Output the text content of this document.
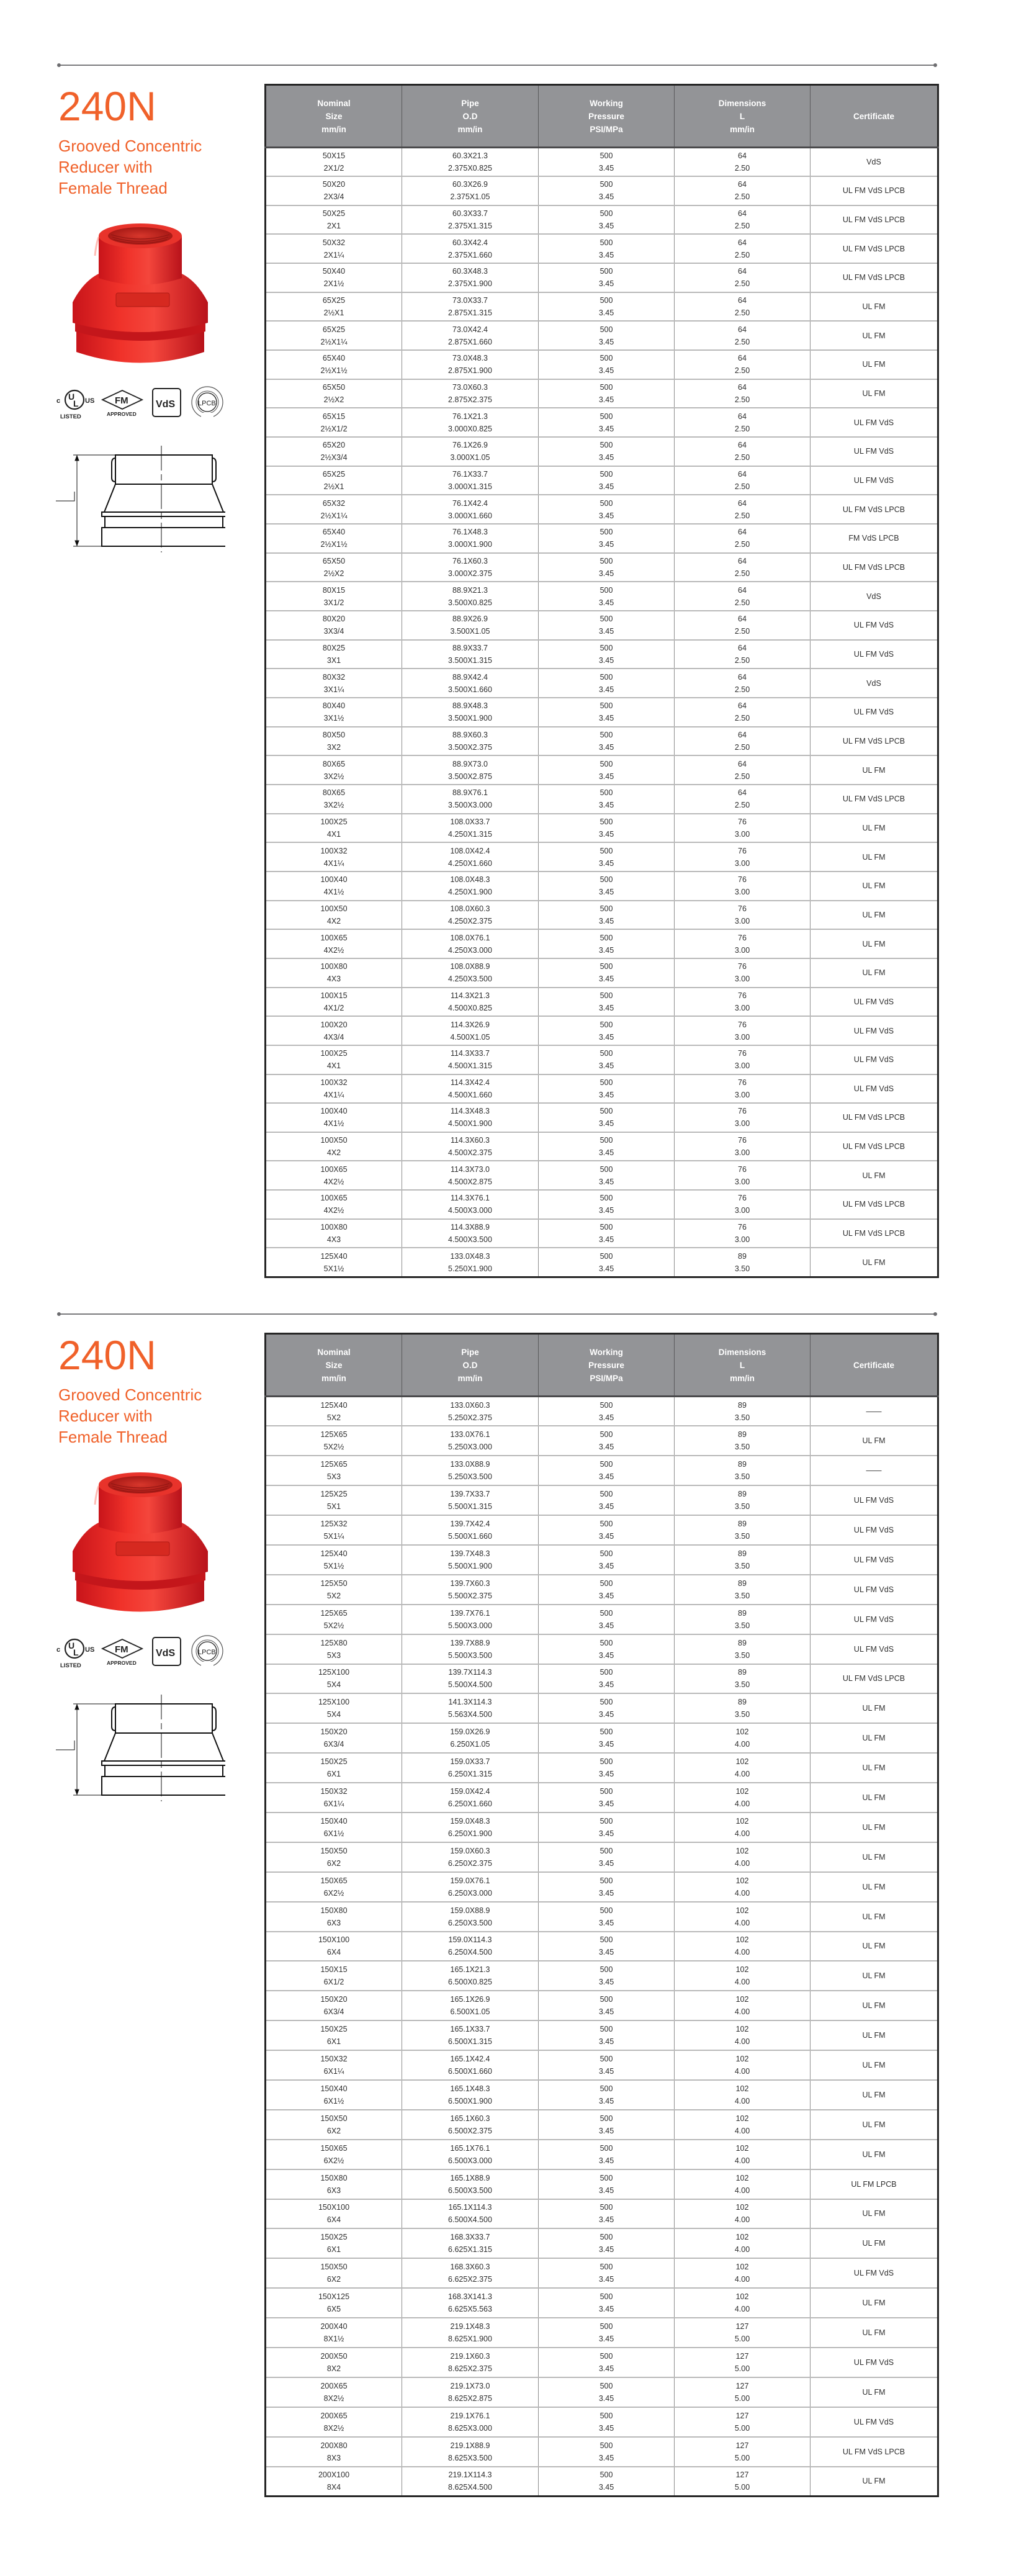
240N
Grooved Concentric
Reducer with
Female Thread
c U
L US
LISTED
FM
APPROVED
VdS	LPCB
L
Nominal
Size
mm/in	Pipe
O.D
mm/in	Working
Pressure
PSI/MPa	Dimensions
L
mm/in	Certificate

50X15
2X1/2	60.3X21.3
2.375X0.825	500
3.45	64
2.50	VdS

50X20
2X3/4	60.3X26.9
2.375X1.05	500
3.45	64
2.50	UL FM VdS LPCB

50X25
2X1	60.3X33.7
2.375X1.315	500
3.45	64
2.50	UL FM VdS LPCB

50X32
2X1¼	60.3X42.4
2.375X1.660	500
3.45	64
2.50	UL FM VdS LPCB

50X40
2X1½	60.3X48.3
2.375X1.900	500
3.45	64
2.50	UL FM VdS LPCB

65X25
2½X1	73.0X33.7
2.875X1.315	500
3.45	64
2.50	UL FM

65X25
2½X1¼	73.0X42.4
2.875X1.660	500
3.45	64
2.50	UL FM

65X40
2½X1½	73.0X48.3
2.875X1.900	500
3.45	64
2.50	UL FM

65X50
2½X2	73.0X60.3
2.875X2.375	500
3.45	64
2.50	UL FM

65X15
2½X1/2	76.1X21.3
3.000X0.825	500
3.45	64
2.50	UL FM VdS

65X20
2½X3/4	76.1X26.9
3.000X1.05	500
3.45	64
2.50	UL FM VdS

65X25
2½X1	76.1X33.7
3.000X1.315	500
3.45	64
2.50	UL FM VdS

65X32
2½X1¼	76.1X42.4
3.000X1.660	500
3.45	64
2.50	UL FM VdS LPCB

65X40
2½X1½	76.1X48.3
3.000X1.900	500
3.45	64
2.50	FM VdS LPCB

65X50
2½X2	76.1X60.3
3.000X2.375	500
3.45	64
2.50	UL FM VdS LPCB

80X15
3X1/2	88.9X21.3
3.500X0.825	500
3.45	64
2.50	VdS

80X20
3X3/4	88.9X26.9
3.500X1.05	500
3.45	64
2.50	UL FM VdS

80X25
3X1	88.9X33.7
3.500X1.315	500
3.45	64
2.50	UL FM VdS

80X32
3X1¼	88.9X42.4
3.500X1.660	500
3.45	64
2.50	VdS

80X40
3X1½	88.9X48.3
3.500X1.900	500
3.45	64
2.50	UL FM VdS

80X50
3X2	88.9X60.3
3.500X2.375	500
3.45	64
2.50	UL FM VdS LPCB

80X65
3X2½	88.9X73.0
3.500X2.875	500
3.45	64
2.50	UL FM

80X65
3X2½	88.9X76.1
3.500X3.000	500
3.45	64
2.50	UL FM VdS LPCB

100X25
4X1	108.0X33.7
4.250X1.315	500
3.45	76
3.00	UL FM

100X32
4X1¼	108.0X42.4
4.250X1.660	500
3.45	76
3.00	UL FM

100X40
4X1½	108.0X48.3
4.250X1.900	500
3.45	76
3.00	UL FM

100X50
4X2	108.0X60.3
4.250X2.375	500
3.45	76
3.00	UL FM

100X65
4X2½	108.0X76.1
4.250X3.000	500
3.45	76
3.00	UL FM

100X80
4X3	108.0X88.9
4.250X3.500	500
3.45	76
3.00	UL FM

100X15
4X1/2	114.3X21.3
4.500X0.825	500
3.45	76
3.00	UL FM VdS

100X20
4X3/4	114.3X26.9
4.500X1.05	500
3.45	76
3.00	UL FM VdS

100X25
4X1	114.3X33.7
4.500X1.315	500
3.45	76
3.00	UL FM VdS

100X32
4X1¼	114.3X42.4
4.500X1.660	500
3.45	76
3.00	UL FM VdS

100X40
4X1½	114.3X48.3
4.500X1.900	500
3.45	76
3.00	UL FM VdS LPCB

100X50
4X2	114.3X60.3
4.500X2.375	500
3.45	76
3.00	UL FM VdS LPCB

100X65
4X2½	114.3X73.0
4.500X2.875	500
3.45	76
3.00	UL FM

100X65
4X2½	114.3X76.1
4.500X3.000	500
3.45	76
3.00	UL FM VdS LPCB

100X80
4X3	114.3X88.9
4.500X3.500	500
3.45	76
3.00	UL FM VdS LPCB

125X40
5X1½	133.0X48.3
5.250X1.900	500
3.45	89
3.50	UL FM
240N
Grooved Concentric
Reducer with
Female Thread
c U
L US
LISTED
FM
APPROVED
VdS	LPCB
L
Nominal
Size
mm/in	Pipe
O.D
mm/in	Working
Pressure
PSI/MPa	Dimensions
L
mm/in	Certificate

125X40
5X2	133.0X60.3
5.250X2.375	500
3.45	89
3.50	——

125X65
5X2½	133.0X76.1
5.250X3.000	500
3.45	89
3.50	UL FM

125X65
5X3	133.0X88.9
5.250X3.500	500
3.45	89
3.50	——

125X25
5X1	139.7X33.7
5.500X1.315	500
3.45	89
3.50	UL FM VdS

125X32
5X1¼	139.7X42.4
5.500X1.660	500
3.45	89
3.50	UL FM VdS

125X40
5X1½	139.7X48.3
5.500X1.900	500
3.45	89
3.50	UL FM VdS

125X50
5X2	139.7X60.3
5.500X2.375	500
3.45	89
3.50	UL FM VdS

125X65
5X2½	139.7X76.1
5.500X3.000	500
3.45	89
3.50	UL FM VdS

125X80
5X3	139.7X88.9
5.500X3.500	500
3.45	89
3.50	UL FM VdS

125X100
5X4	139.7X114.3
5.500X4.500	500
3.45	89
3.50	UL FM VdS LPCB

125X100
5X4	141.3X114.3
5.563X4.500	500
3.45	89
3.50	UL FM

150X20
6X3/4	159.0X26.9
6.250X1.05	500
3.45	102
4.00	UL FM

150X25
6X1	159.0X33.7
6.250X1.315	500
3.45	102
4.00	UL FM

150X32
6X1¼	159.0X42.4
6.250X1.660	500
3.45	102
4.00	UL FM

150X40
6X1½	159.0X48.3
6.250X1.900	500
3.45	102
4.00	UL FM

150X50
6X2	159.0X60.3
6.250X2.375	500
3.45	102
4.00	UL FM

150X65
6X2½	159.0X76.1
6.250X3.000	500
3.45	102
4.00	UL FM

150X80
6X3	159.0X88.9
6.250X3.500	500
3.45	102
4.00	UL FM

150X100
6X4	159.0X114.3
6.250X4.500	500
3.45	102
4.00	UL FM

150X15
6X1/2	165.1X21.3
6.500X0.825	500
3.45	102
4.00	UL FM

150X20
6X3/4	165.1X26.9
6.500X1.05	500
3.45	102
4.00	UL FM

150X25
6X1	165.1X33.7
6.500X1.315	500
3.45	102
4.00	UL FM

150X32
6X1¼	165.1X42.4
6.500X1.660	500
3.45	102
4.00	UL FM

150X40
6X1½	165.1X48.3
6.500X1.900	500
3.45	102
4.00	UL FM

150X50
6X2	165.1X60.3
6.500X2.375	500
3.45	102
4.00	UL FM

150X65
6X2½	165.1X76.1
6.500X3.000	500
3.45	102
4.00	UL FM

150X80
6X3	165.1X88.9
6.500X3.500	500
3.45	102
4.00	UL FM LPCB

150X100
6X4	165.1X114.3
6.500X4.500	500
3.45	102
4.00	UL FM

150X25
6X1	168.3X33.7
6.625X1.315	500
3.45	102
4.00	UL FM

150X50
6X2	168.3X60.3
6.625X2.375	500
3.45	102
4.00	UL FM VdS

150X125
6X5	168.3X141.3
6.625X5.563	500
3.45	102
4.00	UL FM

200X40
8X1½	219.1X48.3
8.625X1.900	500
3.45	127
5.00	UL FM

200X50
8X2	219.1X60.3
8.625X2.375	500
3.45	127
5.00	UL FM VdS

200X65
8X2½	219.1X73.0
8.625X2.875	500
3.45	127
5.00	UL FM

200X65
8X2½	219.1X76.1
8.625X3.000	500
3.45	127
5.00	UL FM VdS

200X80
8X3	219.1X88.9
8.625X3.500	500
3.45	127
5.00	UL FM VdS LPCB

200X100
8X4	219.1X114.3
8.625X4.500	500
3.45	127
5.00	UL FM
